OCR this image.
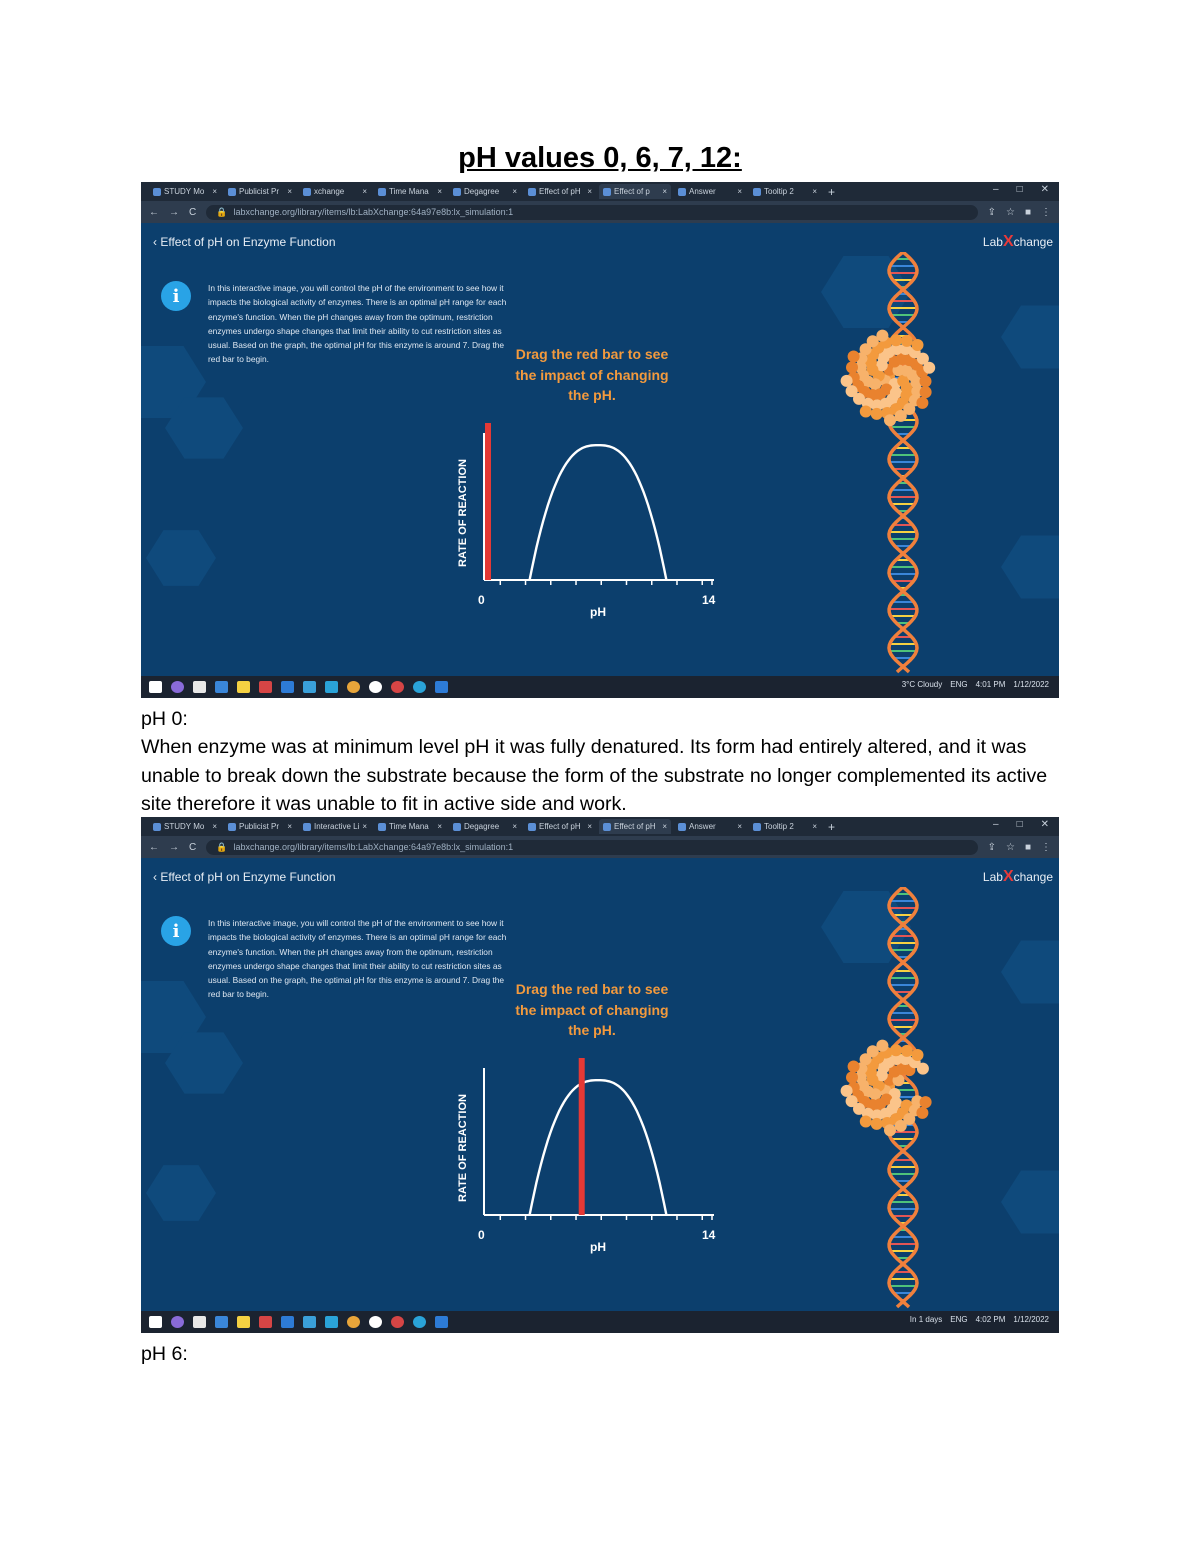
pH values 0, 6, 7, 12:
STUDY Mo ×	Publicist Pr ×	xchange ×	Time Mana ×	Degagree ×	Effect of pH ×	Effect of p ×	Answer	×	Tooltip 2 × +	– □ ✕
← → C 🔒 labxchange.org/library/items/lb:LabXchange:64a97e8b:lx_simulation:1	⇪ ☆ ■ ⋮
‹ Effect of pH on Enzyme Function	LabXchange
i	In this interactive image, you will control the pH of the environment to see how it impacts the biological activity of enzymes. There is an optimal pH range for each enzyme's function. When the pH changes away from the optimum, restriction enzymes undergo shape changes that limit their ability to cut restriction sites as usual. Based on the graph, the optimal pH for this enzyme is around 7. Drag the red bar to begin.	Drag the red bar to see the impact of changing the pH.
RATE OF REACTION
0	14
pH
3°C Cloudy ENG 4:01 PM 1/12/2022
pH 0:
When enzyme was at minimum level pH it was fully denatured. Its form had entirely altered, and it was unable to break down the substrate because the form of the substrate no longer complemented its active site therefore it was unable to fit in active side and work.
STUDY Mo ×	Publicist Pr ×	Interactive Li ×	Time Mana ×	Degagree ×	Effect of pH ×	Effect of pH ×	Answer	×	Tooltip 2 × +	– □ ✕
← → C 🔒 labxchange.org/library/items/lb:LabXchange:64a97e8b:lx_simulation:1	⇪ ☆ ■ ⋮
‹ Effect of pH on Enzyme Function	LabXchange
i	In this interactive image, you will control the pH of the environment to see how it impacts the biological activity of enzymes. There is an optimal pH range for each enzyme's function. When the pH changes away from the optimum, restriction enzymes undergo shape changes that limit their ability to cut restriction sites as usual. Based on the graph, the optimal pH for this enzyme is around 7. Drag the red bar to begin.	Drag the red bar to see the impact of changing the pH.
RATE OF REACTION
0	14
pH
In 1 days ENG 4:02 PM 1/12/2022
pH 6:
